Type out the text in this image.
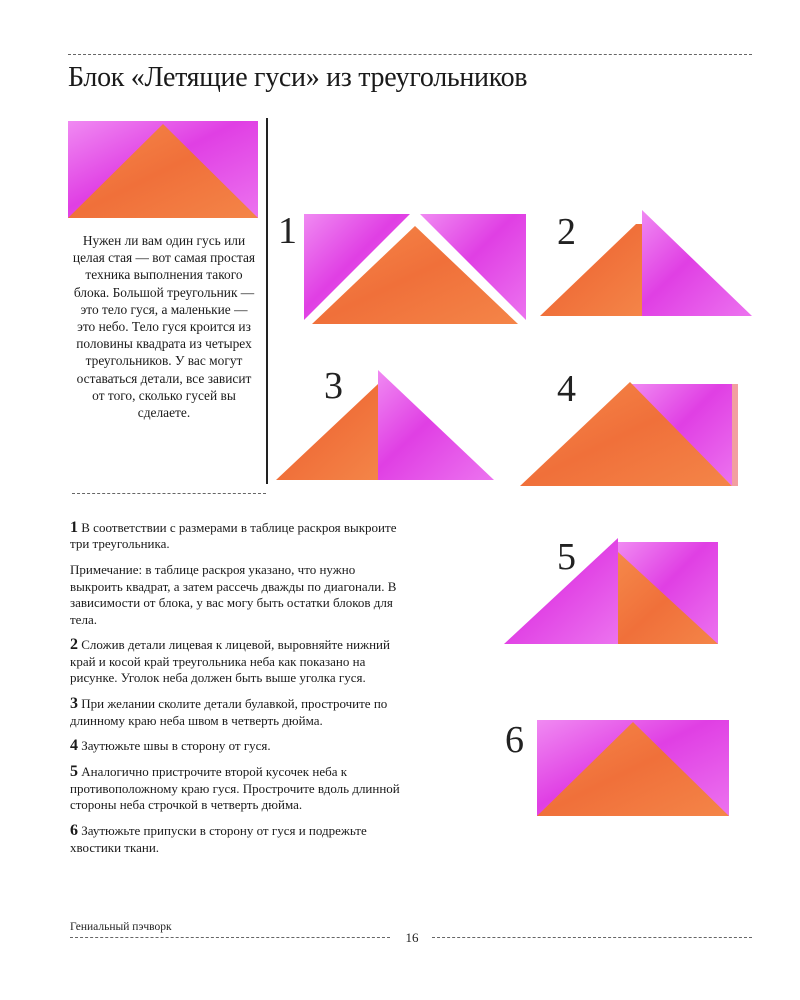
Блок «Летящие гуси» из треугольников

Нужен ли вам один гусь или целая стая — вот самая простая техника выполнения такого блока. Большой треугольник — это тело гуся, а маленькие — это небо. Тело гуся кроится из половины квадрата из четырех треугольников. У вас могут оставаться детали, все зависит от того, сколько гусей вы сделаете.

1	2
3	4
5
6

1 В соответствии с размерами в таблице раскроя выкроите три треугольника.

Примечание: в таблице раскроя указано, что нужно выкроить квадрат, а затем рассечь дважды по диагонали. В зависимости от блока, у вас могу быть остатки блоков для тела.

2 Сложив детали лицевая к лицевой, выровняйте нижний край и косой край треугольника неба как показано на рисунке. Уголок неба должен быть выше уголка гуся.

3 При желании сколите детали булавкой, прострочите по длинному краю неба швом в четверть дюйма.

4 Заутюжьте швы в сторону от гуся.

5 Аналогично пристрочите второй кусочек неба к противоположному краю гуся. Прострочите вдоль длинной стороны неба строчкой в четверть дюйма.

6 Заутюжьте припуски в сторону от гуся и подрежьте хвостики ткани.

Гениальный пэчворк
16
